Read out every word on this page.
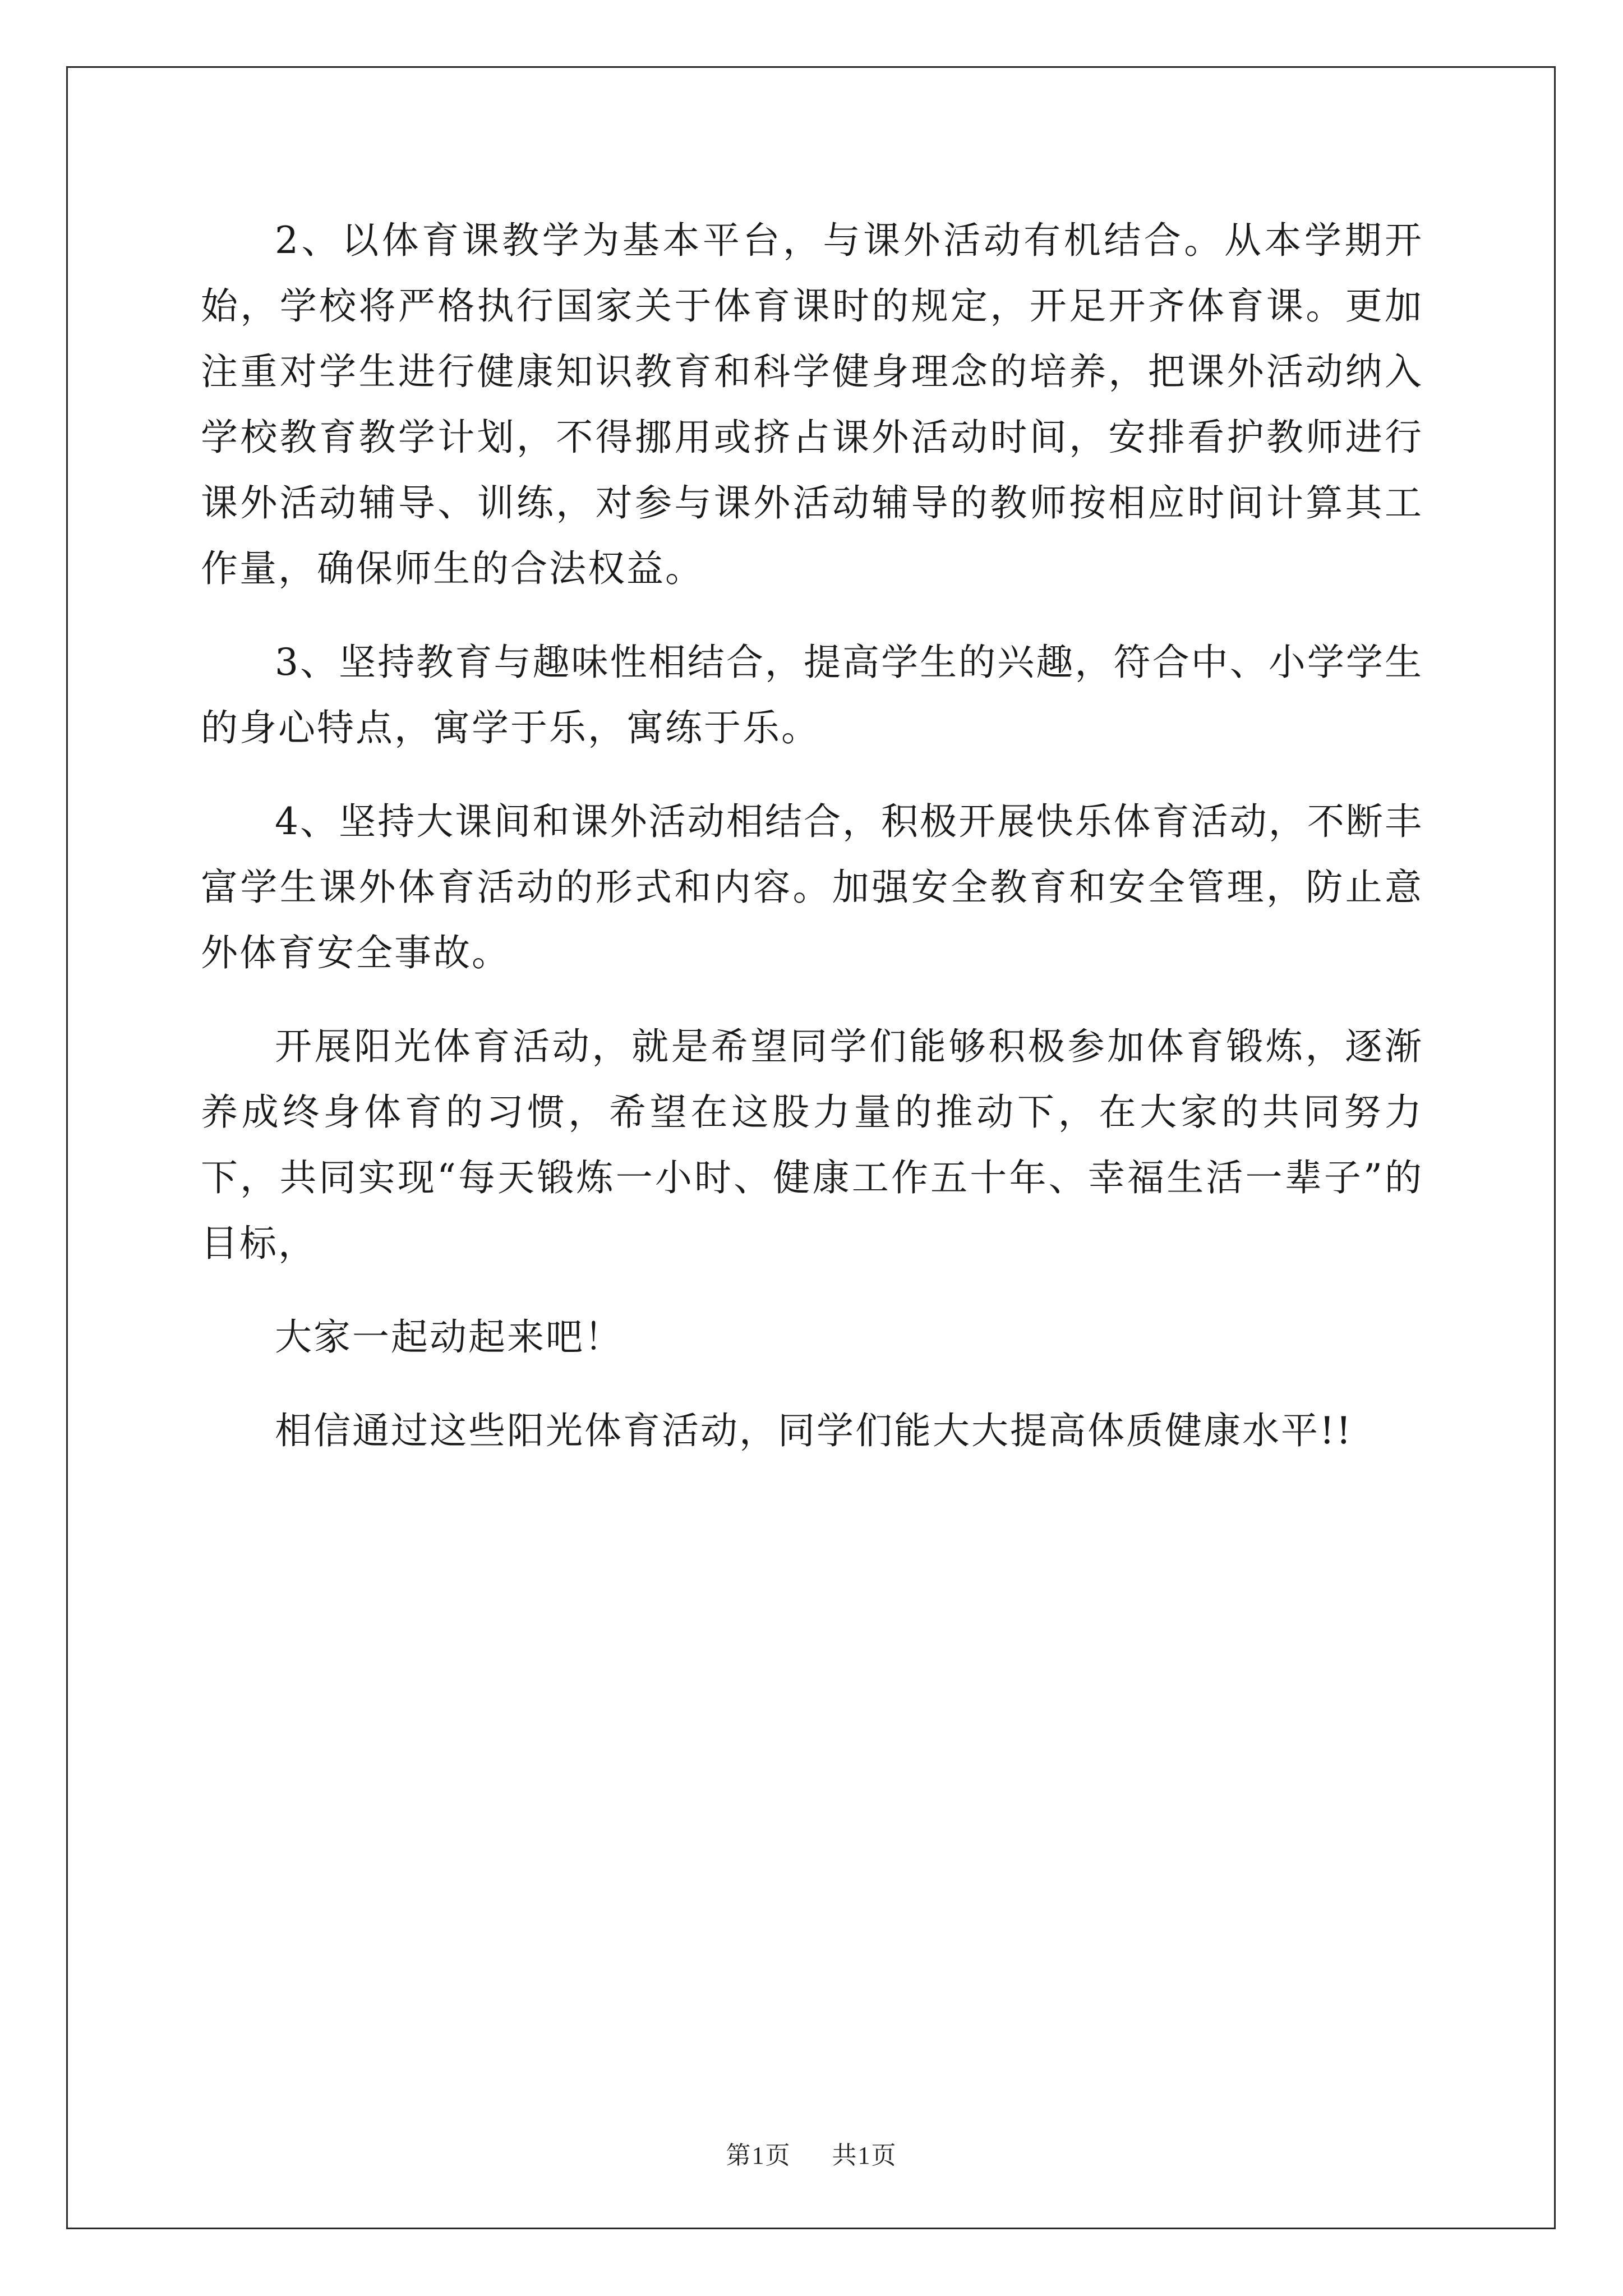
2、以体育课教学为基本平台，与课外活动有机结合。从本学期开始，学校将严格执行国家关于体育课时的规定，开足开齐体育课。更加注重对学生进行健康知识教育和科学健身理念的培养，把课外活动纳入学校教育教学计划，不得挪用或挤占课外活动时间，安排看护教师进行课外活动辅导、训练，对参与课外活动辅导的教师按相应时间计算其工作量，确保师生的合法权益。

3、坚持教育与趣味性相结合，提高学生的兴趣，符合中、小学学生的身心特点，寓学于乐，寓练于乐。

4、坚持大课间和课外活动相结合，积极开展快乐体育活动，不断丰富学生课外体育活动的形式和内容。加强安全教育和安全管理，防止意外体育安全事故。

开展阳光体育活动，就是希望同学们能够积极参加体育锻炼，逐渐养成终身体育的习惯，希望在这股力量的推动下，在大家的共同努力下，共同实现“每天锻炼一小时、健康工作五十年、幸福生活一辈子”的目标，

大家一起动起来吧！

相信通过这些阳光体育活动，同学们能大大提高体质健康水平!!

第1页 共1页
